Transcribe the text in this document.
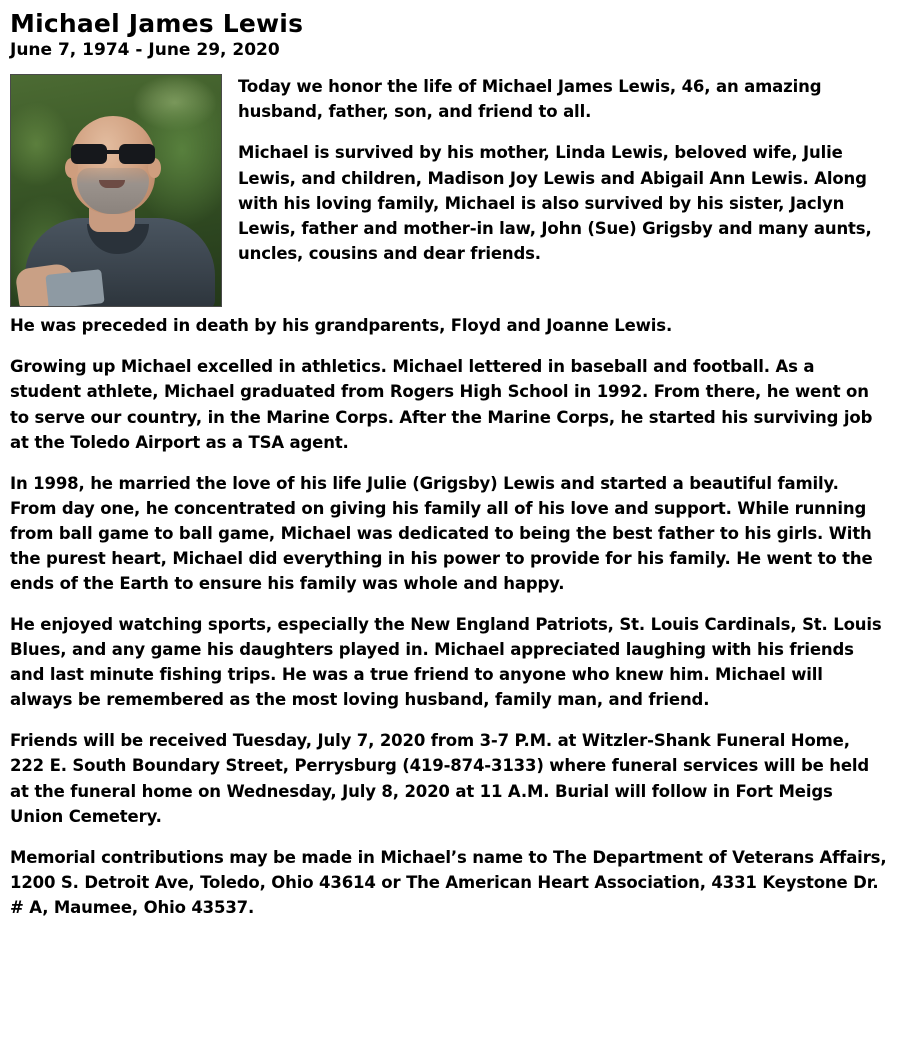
Michael James Lewis
June 7, 1974 - June 29, 2020

Today we honor the life of Michael James Lewis, 46, an amazing husband, father, son, and friend to all.

Michael is survived by his mother, Linda Lewis, beloved wife, Julie Lewis, and children, Madison Joy Lewis and Abigail Ann Lewis. Along with his loving family, Michael is also survived by his sister, Jaclyn Lewis, father and mother-in law, John (Sue) Grigsby and many aunts, uncles, cousins and dear friends.

He was preceded in death by his grandparents, Floyd and Joanne Lewis.

Growing up Michael excelled in athletics. Michael lettered in baseball and football. As a student athlete, Michael graduated from Rogers High School in 1992. From there, he went on to serve our country, in the Marine Corps. After the Marine Corps, he started his surviving job at the Toledo Airport as a TSA agent.

In 1998, he married the love of his life Julie (Grigsby) Lewis and started a beautiful family. From day one, he concentrated on giving his family all of his love and support. While running from ball game to ball game, Michael was dedicated to being the best father to his girls. With the purest heart, Michael did everything in his power to provide for his family. He went to the ends of the Earth to ensure his family was whole and happy.

He enjoyed watching sports, especially the New England Patriots, St. Louis Cardinals, St. Louis Blues, and any game his daughters played in. Michael appreciated laughing with his friends and last minute fishing trips. He was a true friend to anyone who knew him. Michael will always be remembered as the most loving husband, family man, and friend.

Friends will be received Tuesday, July 7, 2020 from 3-7 P.M. at Witzler-Shank Funeral Home, 222 E. South Boundary Street, Perrysburg (419-874-3133) where funeral services will be held at the funeral home on Wednesday, July 8, 2020 at 11 A.M. Burial will follow in Fort Meigs Union Cemetery.

Memorial contributions may be made in Michael’s name to The Department of Veterans Affairs, 1200 S. Detroit Ave, Toledo, Ohio 43614 or The American Heart Association, 4331 Keystone Dr. # A, Maumee, Ohio 43537.
